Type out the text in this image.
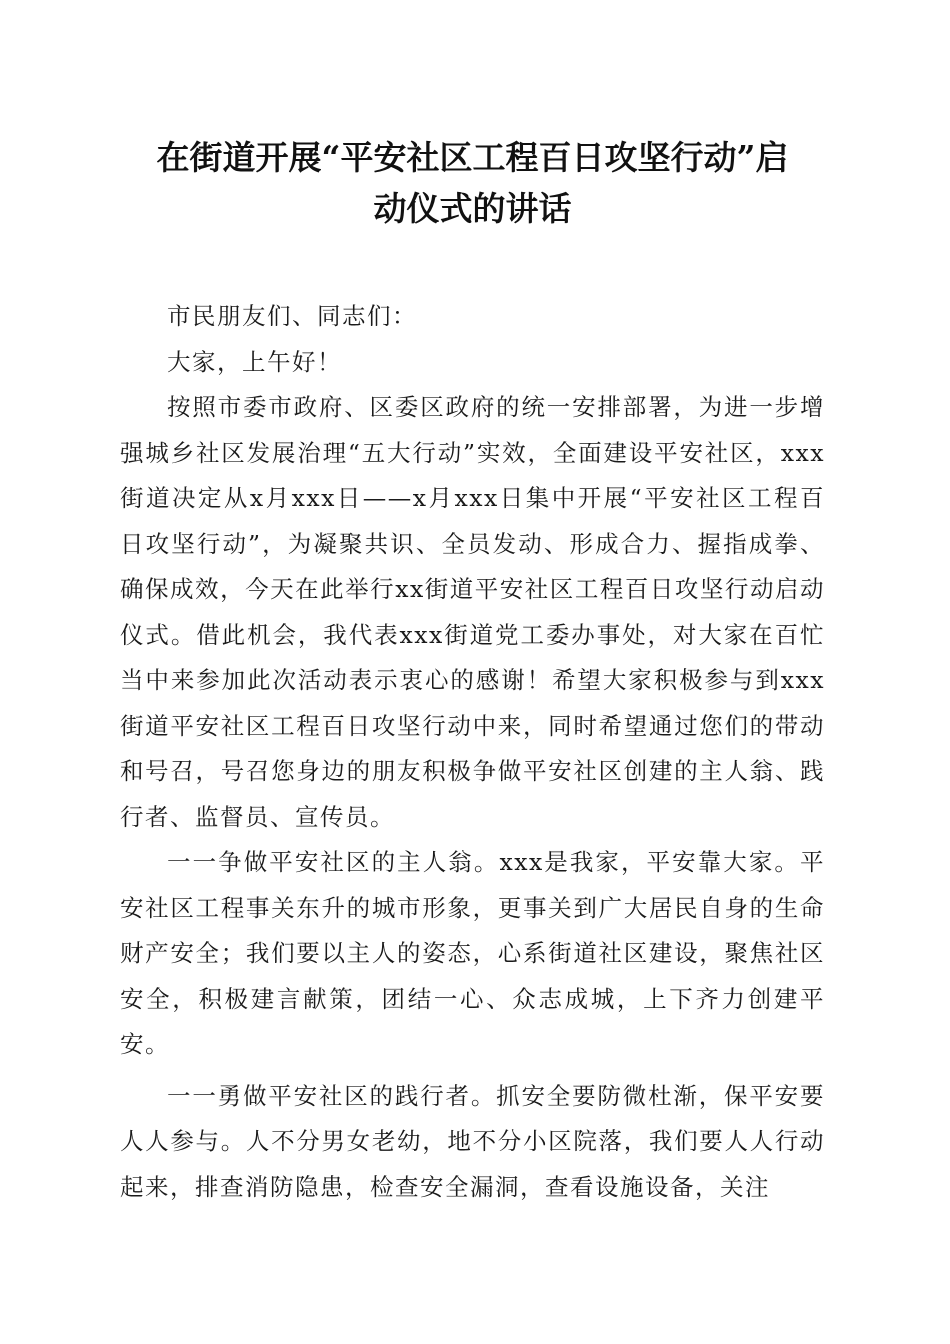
在街道开展“平安社区工程百日攻坚行动”启
动仪式的讲话

市民朋友们、同志们：

大家，上午好！

按照市委市政府、区委区政府的统一安排部署，为进一步增强城乡社区发展治理“五大行动”实效，全面建设平安社区，xxx街道决定从x月xxx日——x月xxx日集中开展“平安社区工程百日攻坚行动”，为凝聚共识、全员发动、形成合力、握指成拳、确保成效，今天在此举行xx街道平安社区工程百日攻坚行动启动仪式。借此机会，我代表xxx街道党工委办事处，对大家在百忙当中来参加此次活动表示衷心的感谢！希望大家积极参与到xxx街道平安社区工程百日攻坚行动中来，同时希望通过您们的带动和号召，号召您身边的朋友积极争做平安社区创建的主人翁、践行者、监督员、宣传员。

一一争做平安社区的主人翁。xxx是我家，平安靠大家。平安社区工程事关东升的城市形象，更事关到广大居民自身的生命财产安全；我们要以主人的姿态，心系街道社区建设，聚焦社区安全，积极建言献策，团结一心、众志成城，上下齐力创建平安。

一一勇做平安社区的践行者。抓安全要防微杜渐，保平安要人人参与。人不分男女老幼，地不分小区院落，我们要人人行动起来，排查消防隐患，检查安全漏洞，查看设施设备，关注
